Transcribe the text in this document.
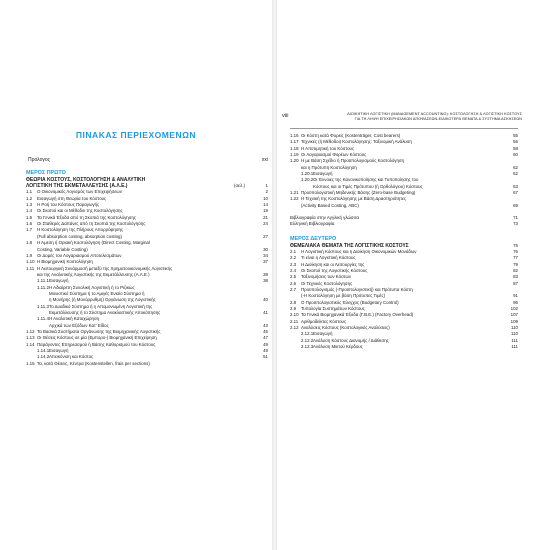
ΠΙΝΑΚΑΣ ΠΕΡΙΕΧΟΜΕΝΩΝ
Πρόλογος	xxi

ΜΕΡΟΣ ΠΡΩΤΟ

ΘΕΩΡΙΑ ΚΟΣΤΟΥΣ, ΚΟΣΤΟΛΟΓΗΣΗ & ΑΝΑΛΥΤΙΚΗ

ΛΟΓΙΣΤΙΚΗ ΤΗΣ ΕΚΜΕΤΑΛΛΕΥΣΗΣ (Α.Λ.Ε.)	(σελ.)	1
1.1	Ο Οικονομικός Λογισμός των Επιχειρήσεων	2
1.2	Εισαγωγή στη Θεωρία του Κόστους	10
1.3	Η Ροή του Κόστους Παραγωγής	14
1.4	Οι Σκοποί και οι Μέθοδοι της Κοστολόγησης	19
1.5	Τα Γενικά Έξοδα από τη Σκοπιά της Κοστολόγησης	21
1.6	Οι Σταθερές Δαπάνες από τη Σκοπιά της Κοστολόγησης	24
1.7	Η Κοστολόγηση της Πλήρους Απορρόφησης
(Full absorption costing, absorption costing)	27
1.8	Η Άμεση ή Οριακή Κοστολόγηση (Direct Costing, Marginal
Costing, Variable Costing)	30
1.9	Οι Δομές του Λογαριασμού Αποτελεσμάτων	34
1.10 Η Βιομηχανική Κοστολόγηση	37
1.11 Η Λειτουργική Συνάρμοσή μεταξύ της Χρηματοοικονομικής Λογιστικής
και της Αναλυτικής Λογιστικής της Εκμετάλλευσης (Α.Λ.Ε.)	38
1.11.1 Εισαγωγή	38
1.11.2 Η Αδιαίρετη Συνολική Λογιστική ή το Ριζικώς
Μονιστικό Σύστημα ή το Αμιγές Ενιαίο Σύστημα ή
η Μονήρης (ή Μονόρρυθμη) Οργάνωση της Λογιστικής	40
1.11.3 Το Δυαδικό Σύστημα ή η Απομονωμένη Λογιστική της
Εκμετάλλευσης ή το Σύστημα Ανακλαστικής Αποκόπησης	41
1.11.4 Η Αναλυτική Καταχώρηση
Αρχικά των Εξόδων Κατ' Είδος	43
1.12 Τα Βασικά Συστήματα Οργάνωσης της Βιομηχανικής Λογιστικής	45
1.13 Οι Θέσεις Κόστους σε μία (Εμπορο-) Βιομηχανική Επιχείρηση	47
1.14 Παράγοντες Επηρεασμού ή Βάσης Καθορισμού του Κόστους	49
1.14.1 Εισαγωγή	49
1.14.2 Απεικόνιση και Κόστος	51
1.15 Τα, κατά Θέσεις, Κέντρα (Kostenstellen, frais per sections)
viii	ΔΙΟΙΚΗΤΙΚΗ ΛΟΓΙΣΤΙΚΗ (MANAGEMENT ACCOUNTING): ΚΟΣΤΟΛΟΓΗΣΗ & ΛΟΓΙΣΤΙΚΗ ΚΟΣΤΟΥΣ
ΓΙΑ ΤΗ ΛΗΨΗ ΕΠΙΧΕΙΡΗΣΙΑΚΩΝ ΑΠΟΦΑΣΕΩΝ-ΕΙΔΙΚΟΤΕΡΑ ΘΕΜΑΤΑ & ΣΥΣΤΗΜΑ ΑΣΚΗΣΕΩΝ
1.16 Οι Κόστη κατά Φορείς (Kostenträger, Cost bearers)	55
1.17 Τεχνικές (ή Μέθοδοι) Κοστολόγησης: Ταξινομική Ανάλυση	56
1.18 Η Αποτιμητική του Κόστους	58
1.19 Οι Λογαριασμοί Φορέων Κόστους	60
1.20 Η με Βάση Σχέδιο ή Προϋπολογισμούς Κοστολόγηση
και η Πρότυπη Κοστολόγηση	62
1.20.1 Εισαγωγή	62
1.20.2 Οι Έννοιες της Κανονικοποίησης και Τυποποίησης του
Κόστους και οι Τιμές Πρότυπου (ή Ορθολόγιου) Κόστους	63
1.21 Προϋπολογιστική Μηδενικής Βάσης (Zero-base Budgeting)	67
1.22 Η Τεχνική της Κοστολόγησης με Βάση Δραστηριότητες
(Activity Based Costing, ABC)	69
Βιβλιογραφία στην Αγγλική γλώσσα	71
Ελληνική Βιβλιογραφία	73

ΜΕΡΟΣ ΔΕΥΤΕΡΟ

ΘΕΜΕΛΙΑΚΑ ΘΕΜΑΤΑ ΤΗΣ ΛΟΓΙΣΤΙΚΗΣ ΚΟΣΤΟΥΣ	75
2.1	Η Λογιστική Κόστους και η Διοίκηση Οικονομικών Μονάδων	76
2.2	Τι είναι η Λογιστική Κόστους	77
2.3	Η Διοίκηση και οι Λειτουργίες της	79
2.4	Οι Σκοποί της Λογιστικής Κόστους	82
2.5	Ταξινομήσεις των Κόστων	83
2.6	Οι Τεχνικές Κοστολόγησης	87
2.7	Προϋπολογισμός (-Προϋπολογιστική) και Πρότυπα Κόστη
(-Η Κοστολόγηση με βάση Πρότυπες Τιμές)	91
2.8	Ο Προϋπολογιστικός Έλεγχος (Budgetary Control)	96
2.9	Τυπολογία Συστημάτων Κόστους	102
2.10 Τα Γενικά Βιομηχανικά Έξοδα (Γ.Β.Ε.) (Factory Overhead)	107
2.11 Αριθμοδείκτες Κόστους	109
2.12 Αναλύσεις Κόστους (Κοστολογικές Αναλύσεις)	110
2.12.1 Εισαγωγή	110
2.12.2 Ανάλυση Κόστους Διανομής / Διάθεσης	111
2.12.3 Ανάλυση Μικτού Κέρδους	111
